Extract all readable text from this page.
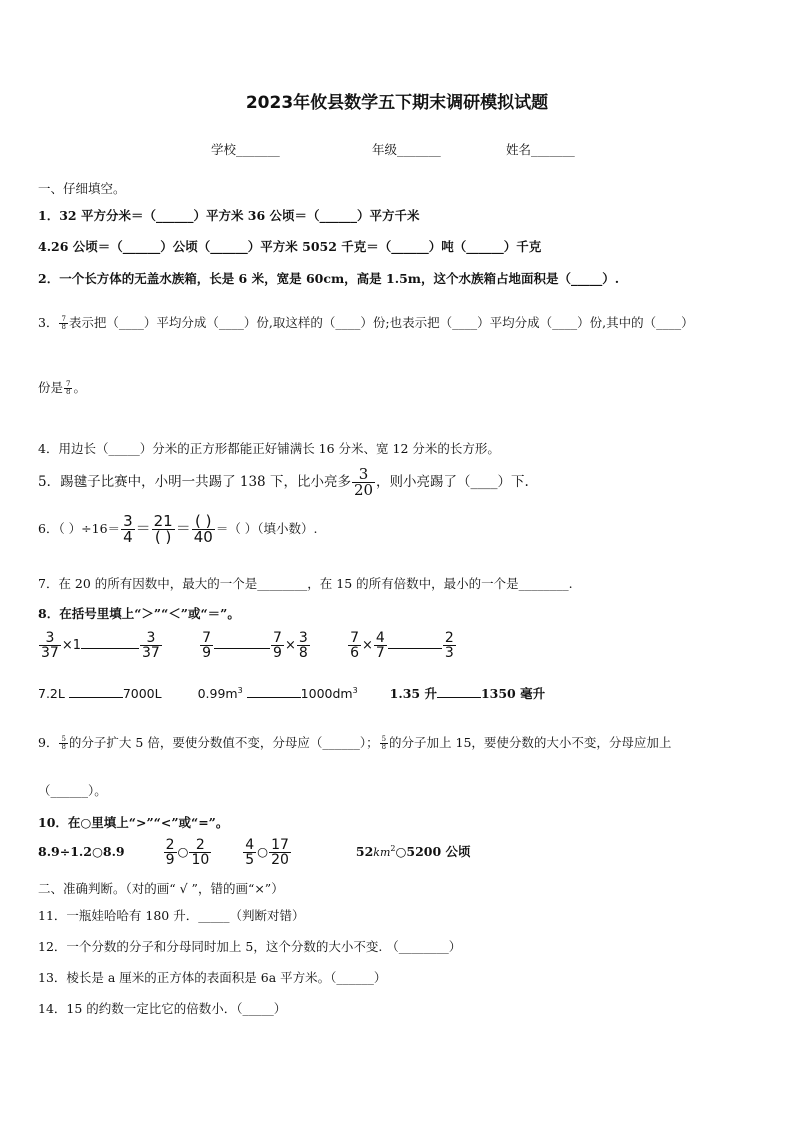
2023年攸县数学五下期末调研模拟试题
学校_______	年级_______	姓名_______
一、仔细填空。
1．32 平方分米＝（______）平方米 36 公顷＝（______）平方千米
4.26 公顷＝（______）公顷（______）平方米 5052 千克＝（______）吨（______）千克
2．一个长方体的无盖水族箱，长是 6 米，宽是 60cm，高是 1.5m，这个水族箱占地面积是（_____）.
3． $\frac{7}{8}$ 表示把（____）平均分成（____）份,取这样的（____）份;也表示把（____）平均分成（____）份,其中的（____）
份是 $\frac{7}{8}$ 。
4．用边长（_____）分米的正方形都能正好铺满长 16 分米、宽 12 分米的长方形。
5．踢毽子比赛中，小明一共踢了 138 下，比小亮多 $\frac{3}{20}$ ，则小亮踢了（____）下.
6．（ ）$\div 16= \frac{3}{4} = \frac{21}{( )} = \frac{( )}{40}$ ＝（ ）（填小数）.
7．在 20 的所有因数中，最大的一个是________，在 15 的所有倍数中，最小的一个是________.
8．在括号里填上“＞”“＜”或“＝”。
$\frac{3}{37} \times 1$	$\frac{3}{37}$
	$\frac{7}{9}$	$\frac{7}{9} \times \frac{3}{8}$
	$\frac{7}{6} \times \frac{4}{7}$	$\frac{2}{3}$
7.2L	7000L	$0.99m^3$	$1000dm^3$	1.35 升	1350 毫升
9． $\frac{5}{8}$ 的分子扩大 5 倍，要使分数值不变，分母应（______）； $\frac{5}{8}$ 的分子加上 15，要使分数的大小不变，分母应加上
（______）。
10．在○里填上“>”“<”或“=”。
8.9÷1.2○8.9	$\frac{2}{9}$ ○ $\frac{2}{10}$
$\frac{4}{5}$ ○ $\frac{17}{20}$	$52km^2○5200$ 公顷
二、准确判断。（对的画“ √ ”，错的画“×”）
11．一瓶娃哈哈有 180 升．_____（判断对错）
12．一个分数的分子和分母同时加上 5，这个分数的大小不变. （________）
13．棱长是 a 厘米的正方体的表面积是 6a 平方米。（______）
14．15 的约数一定比它的倍数小．（_____）
